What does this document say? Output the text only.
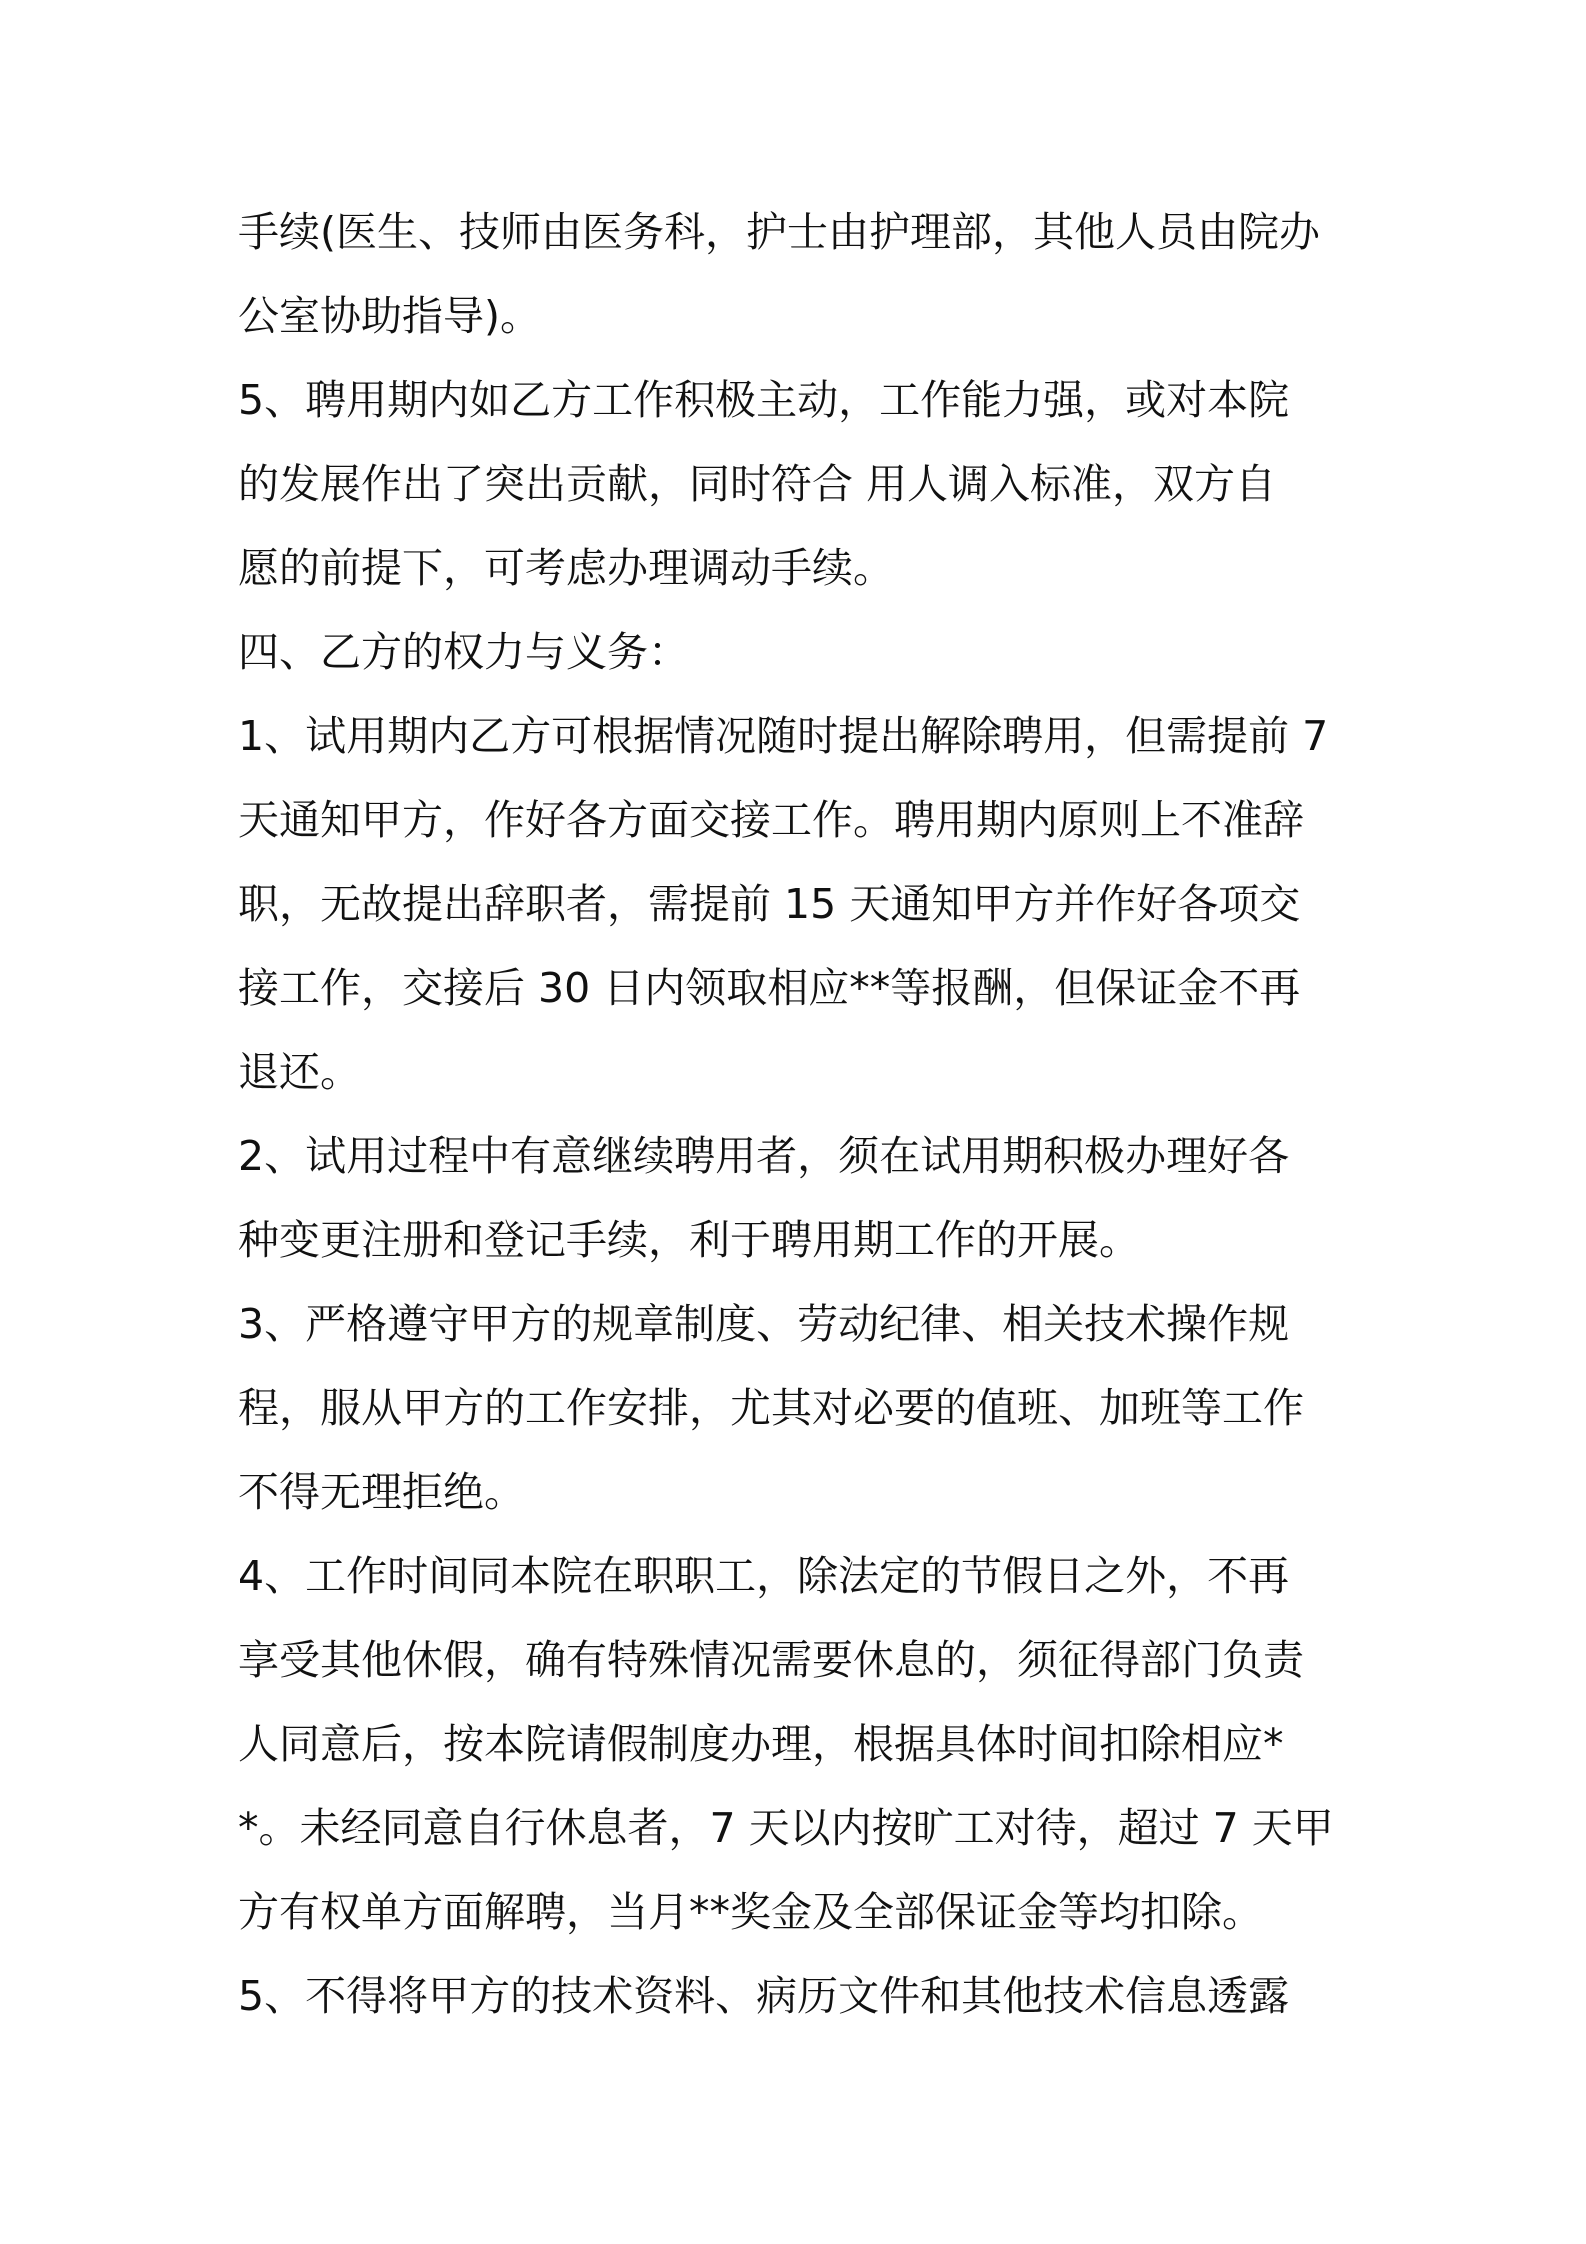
手续(医生、技师由医务科，护士由护理部，其他人员由院办
公室协助指导)。
5、聘用期内如乙方工作积极主动，工作能力强，或对本院
的发展作出了突出贡献，同时符合 用人调入标准，双方自
愿的前提下，可考虑办理调动手续。
四、乙方的权力与义务：
1、试用期内乙方可根据情况随时提出解除聘用，但需提前 7
天通知甲方，作好各方面交接工作。聘用期内原则上不准辞
职，无故提出辞职者，需提前 15 天通知甲方并作好各项交
接工作，交接后 30 日内领取相应**等报酬，但保证金不再
退还。
2、试用过程中有意继续聘用者，须在试用期积极办理好各
种变更注册和登记手续，利于聘用期工作的开展。
3、严格遵守甲方的规章制度、劳动纪律、相关技术操作规
程，服从甲方的工作安排，尤其对必要的值班、加班等工作
不得无理拒绝。
4、工作时间同本院在职职工，除法定的节假日之外，不再
享受其他休假，确有特殊情况需要休息的，须征得部门负责
人同意后，按本院请假制度办理，根据具体时间扣除相应*
*。未经同意自行休息者，7 天以内按旷工对待，超过 7 天甲
方有权单方面解聘，当月**奖金及全部保证金等均扣除。
5、不得将甲方的技术资料、病历文件和其他技术信息透露
